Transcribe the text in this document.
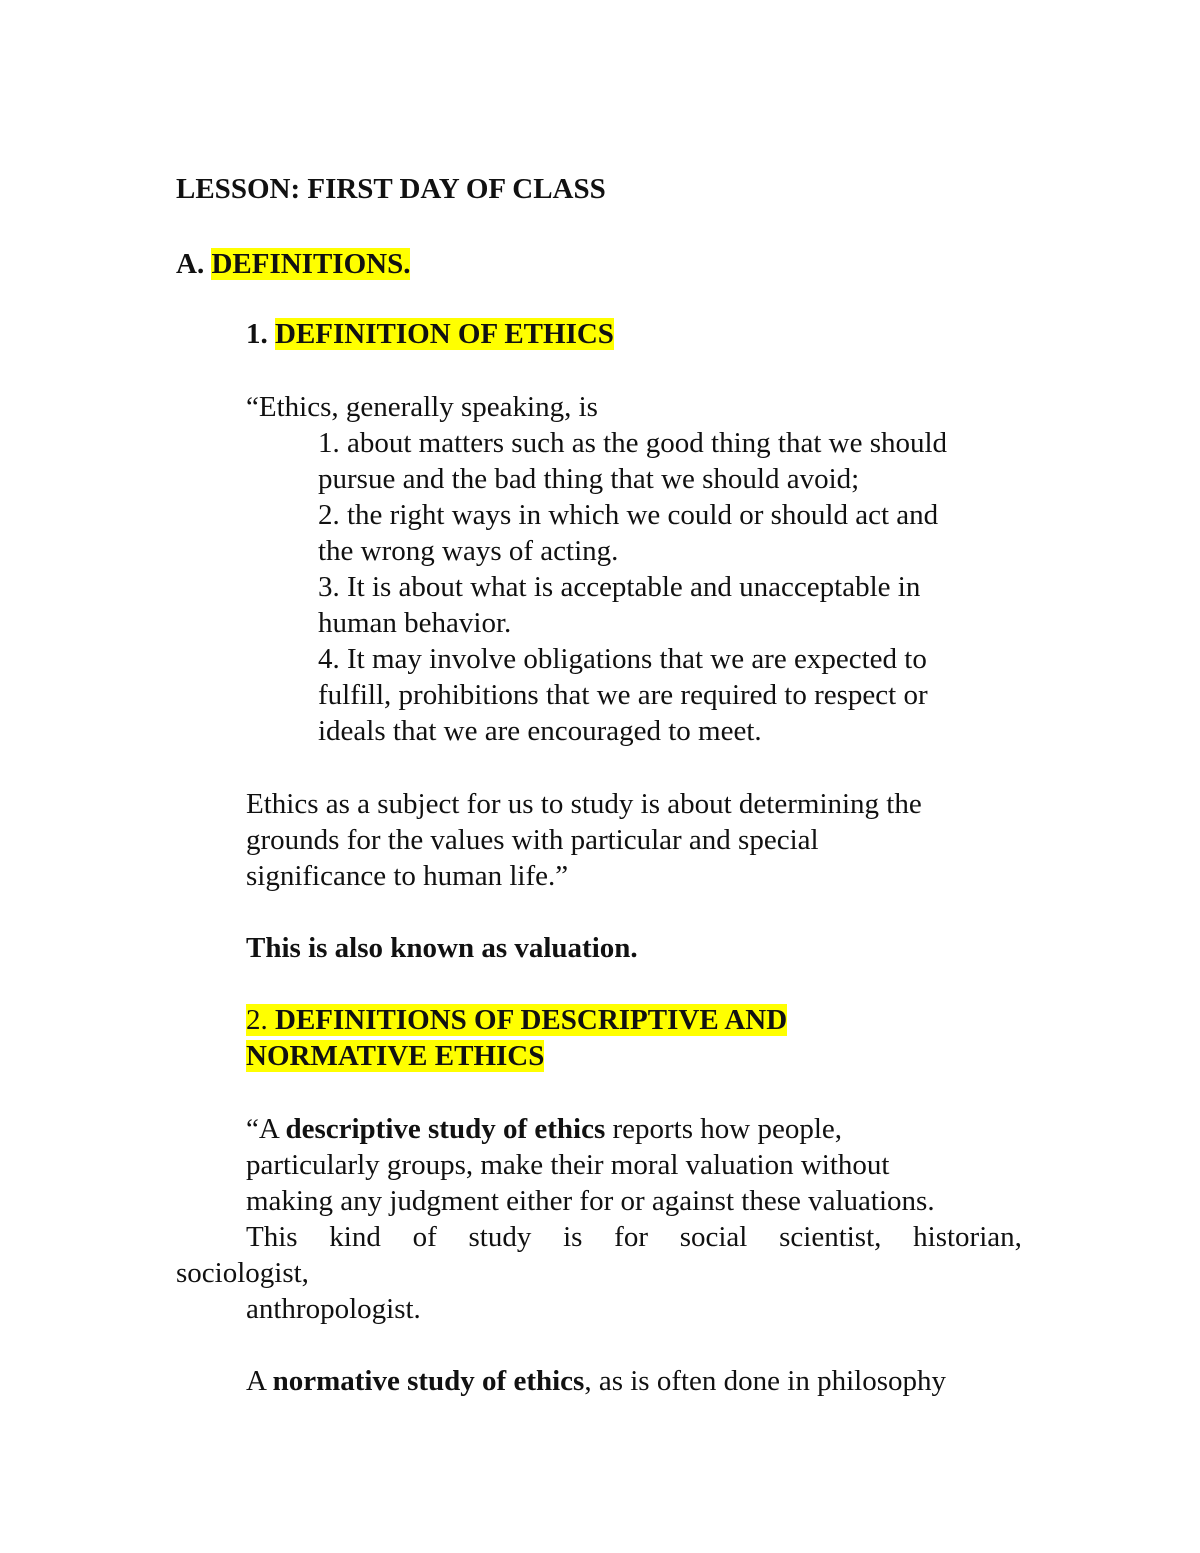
LESSON: FIRST DAY OF CLASS
A. DEFINITIONS.
1. DEFINITION OF ETHICS
“Ethics, generally speaking, is
1. about matters such as the good thing that we should
pursue and the bad thing that we should avoid;
2. the right ways in which we could or should act and
the wrong ways of acting.
3. It is about what is acceptable and unacceptable in
human behavior.
4. It may involve obligations that we are expected to
fulfill, prohibitions that we are required to respect or
ideals that we are encouraged to meet.
Ethics as a subject for us to study is about determining the
grounds for the values with particular and special
significance to human life.”
This is also known as valuation.
2. DEFINITIONS OF DESCRIPTIVE AND
NORMATIVE ETHICS
“A descriptive study of ethics reports how people,
particularly groups, make their moral valuation without
making any judgment either for or against these valuations.
This kind of study is for social scientist, historian,
sociologist,
anthropologist.
A normative study of ethics, as is often done in philosophy
